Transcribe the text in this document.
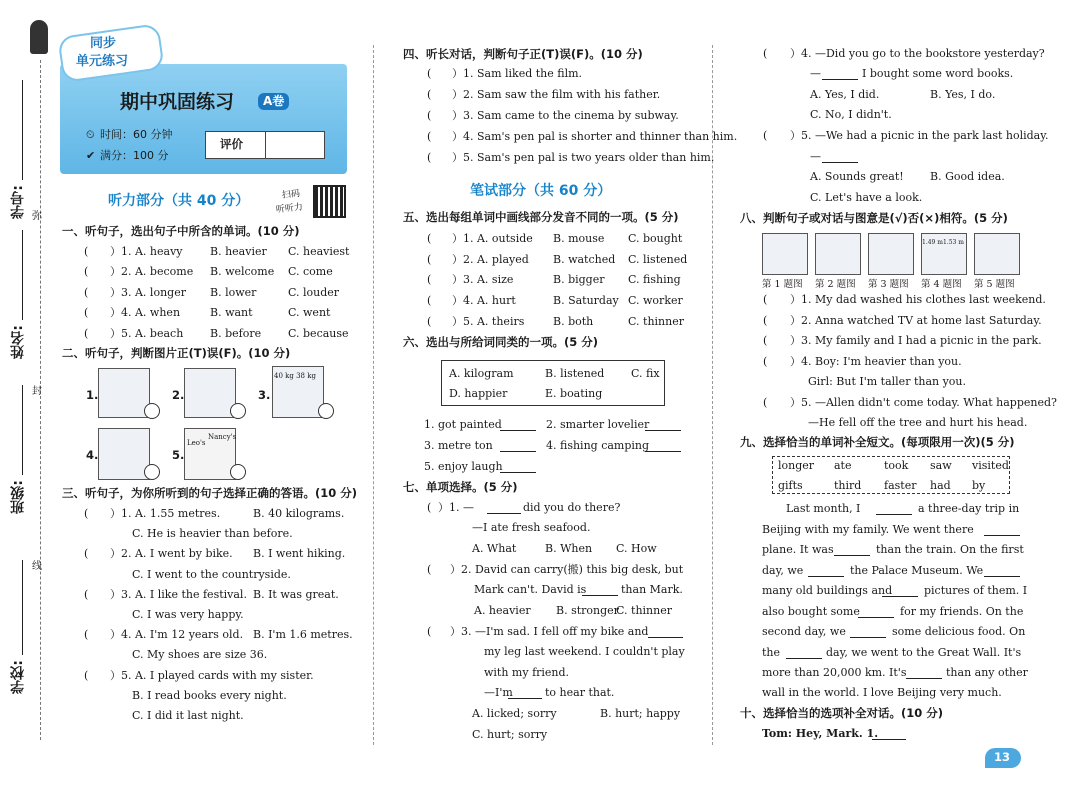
学校:
班级:
姓名:
学号: 弥
封
线
同步
单元练习
期中巩固练习	A卷
⏲ 时间：60 分钟
✔ 满分：100 分
评价
听力部分（共 40 分）	扫码
听听力
一、听句子，选出句子中所含的单词。(10 分)
( ）1. A. heavy B. heavier C. heaviest
( ）2. A. become B. welcome C. come
( ）3. A. longer B. lower	C. louder
( ）4. A. when	B. want	C. went
( ）5. A. beach B. before C. because
二、听句子，判断图片正(T)误(F)。(10 分)
1.	2.	3.
40 kg 38 kg
4.	5.
Leo's
Nancy's
三、听句子，为你所听到的句子选择正确的答语。(10 分)
( ）1. A. 1.55 metres.	B. 40 kilograms.
C. He is heavier than before.
( ）2. A. I went by bike. B. I went hiking.
C. I went to the countryside.
( ）3. A. I like the festival. B. It was great.
C. I was very happy.
( ）4. A. I'm 12 years old. B. I'm 1.6 metres.
C. My shoes are size 36.
( ）5. A. I played cards with my sister.
B. I read books every night.
C. I did it last night.
四、听长对话，判断句子正(T)误(F)。(10 分)
( ）1. Sam liked the film.
( ）2. Sam saw the film with his father.
( ）3. Sam came to the cinema by subway.
( ）4. Sam's pen pal is shorter and thinner than him.
( ）5. Sam's pen pal is two years older than him.
笔试部分（共 60 分）
五、选出每组单词中画线部分发音不同的一项。(5 分)
( ）1. A. outside B. mouse C. bought
( ）2. A. played B. watched C. listened
( ）3. A. size	B. bigger C. fishing
( ）4. A. hurt	B. Saturday C. worker
( ）5. A. theirs	B. both	C. thinner
六、选出与所给词同类的一项。(5 分)
A. kilogram	B. listened C. fix
D. happier	E. boating
1. got painted	2. smarter lovelier
3. metre ton	4. fishing camping
5. enjoy laugh
七、单项选择。(5 分)
( ）1. —	did you do there?
—I ate fresh seafood.
A. What	B. When C. How
( ）2. David can carry(搬) this big desk, but
Mark can't. David is	than Mark.
A. heavier B. stronger
C. thinner
( ）3. —I'm sad. I fell off my bike and
my leg last weekend. I couldn't play
with my friend.
—I'm	to hear that.
A. licked; sorry	B. hurt; happy
C. hurt; sorry
( ）4. —Did you go to the bookstore yesterday?
—	I bought some word books.
A. Yes, I did.	B. Yes, I do.
C. No, I didn't.
( ）5. —We had a picnic in the park last holiday.
—
A. Sounds great! B. Good idea.
C. Let's have a look.
八、判断句子或对话与图意是(√)否(×)相符。(5 分)
1.49 m 1.53 m
第 1 题图 第 2 题图 第 3 题图 第 4 题图 第 5 题图
( ）1. My dad washed his clothes last weekend.
( ）2. Anna watched TV at home last Saturday.
( ）3. My family and I had a picnic in the park.
( ）4. Boy: I'm heavier than you.
Girl: But I'm taller than you.
( ）5. —Allen didn't come today. What happened?
—He fell off the tree and hurt his head.
九、选择恰当的单词补全短文。(每项限用一次)(5 分)
longer ate	took saw visited
gifts	third faster had by
Last month, I	a three-day trip in
Beijing with my family. We went there
plane. It was	than the train. On the first
day, we	the Palace Museum. We
many old buildings and	pictures of them. I
also bought some	for my friends. On the
second day, we	some delicious food. On
the	day, we went to the Great Wall. It's
more than 20,000 km. It's	than any other
wall in the world. I love Beijing very much.
十、选择恰当的选项补全对话。(10 分)
Tom: Hey, Mark. 1.
13
